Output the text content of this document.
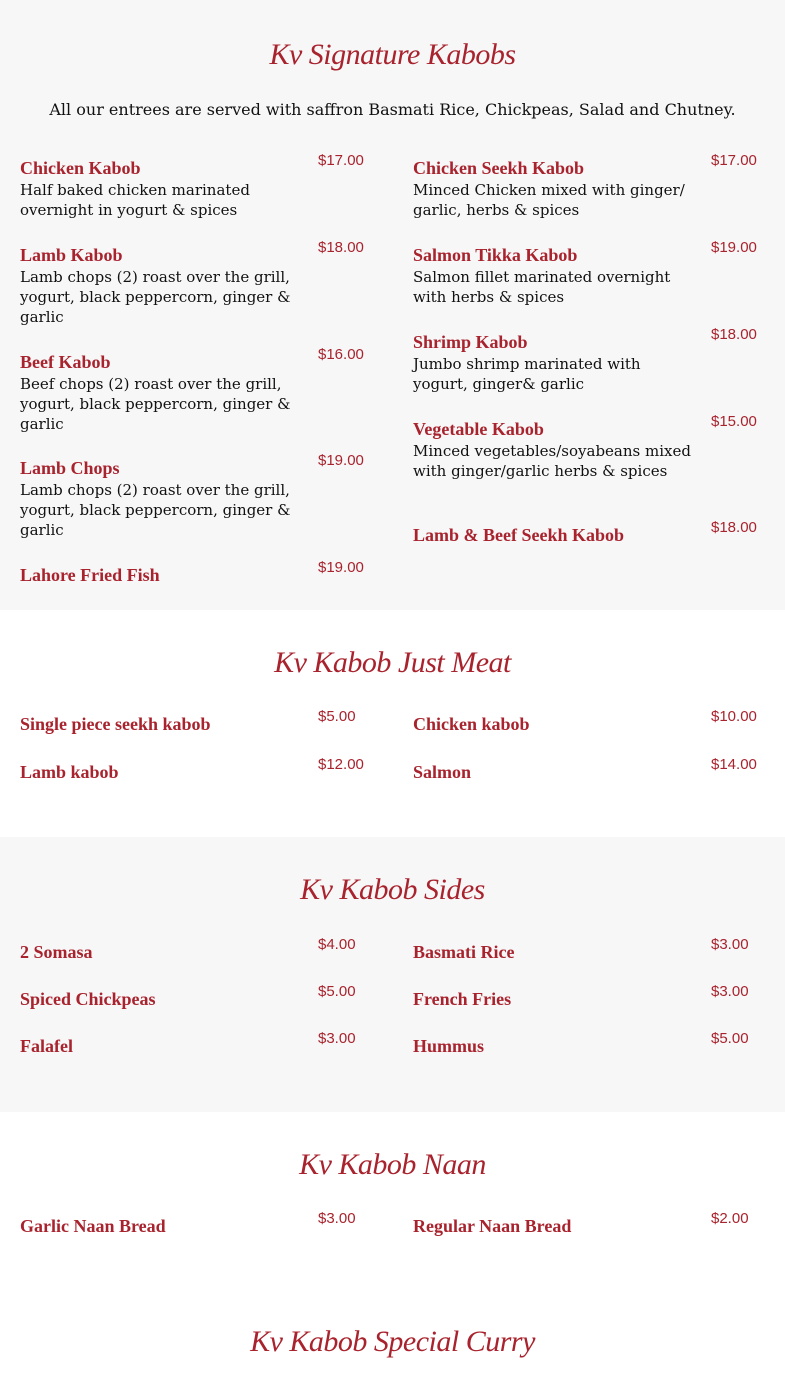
Kv Signature Kabobs
All our entrees are served with saffron Basmati Rice, Chickpeas, Salad and Chutney.
Chicken Kabob	$17.00
Half baked chicken marinated overnight in yogurt & spices
Lamb Kabob	$18.00
Lamb chops (2) roast over the grill, yogurt, black peppercorn, ginger & garlic
Beef Kabob	$16.00
Beef chops (2) roast over the grill, yogurt, black peppercorn, ginger & garlic
Lamb Chops	$19.00
Lamb chops (2) roast over the grill, yogurt, black peppercorn, ginger & garlic
Lahore Fried Fish	$19.00
Chicken Seekh Kabob	$17.00
Minced Chicken mixed with ginger/ garlic, herbs & spices
Salmon Tikka Kabob	$19.00
Salmon fillet marinated overnight with herbs & spices
Shrimp Kabob	$18.00
Jumbo shrimp marinated with yogurt, ginger& garlic
Vegetable Kabob	$15.00
Minced vegetables/soyabeans mixed with ginger/garlic herbs & spices
Lamb & Beef Seekh Kabob	$18.00
Kv Kabob Just Meat
Single piece seekh kabob	$5.00
Lamb kabob	$12.00
Chicken kabob	$10.00
Salmon	$14.00
Kv Kabob Sides
2 Somasa	$4.00
Spiced Chickpeas	$5.00
Falafel	$3.00
Basmati Rice	$3.00
French Fries	$3.00
Hummus	$5.00
Kv Kabob Naan
Garlic Naan Bread	$3.00	Regular Naan Bread	$2.00
Kv Kabob Special Curry
